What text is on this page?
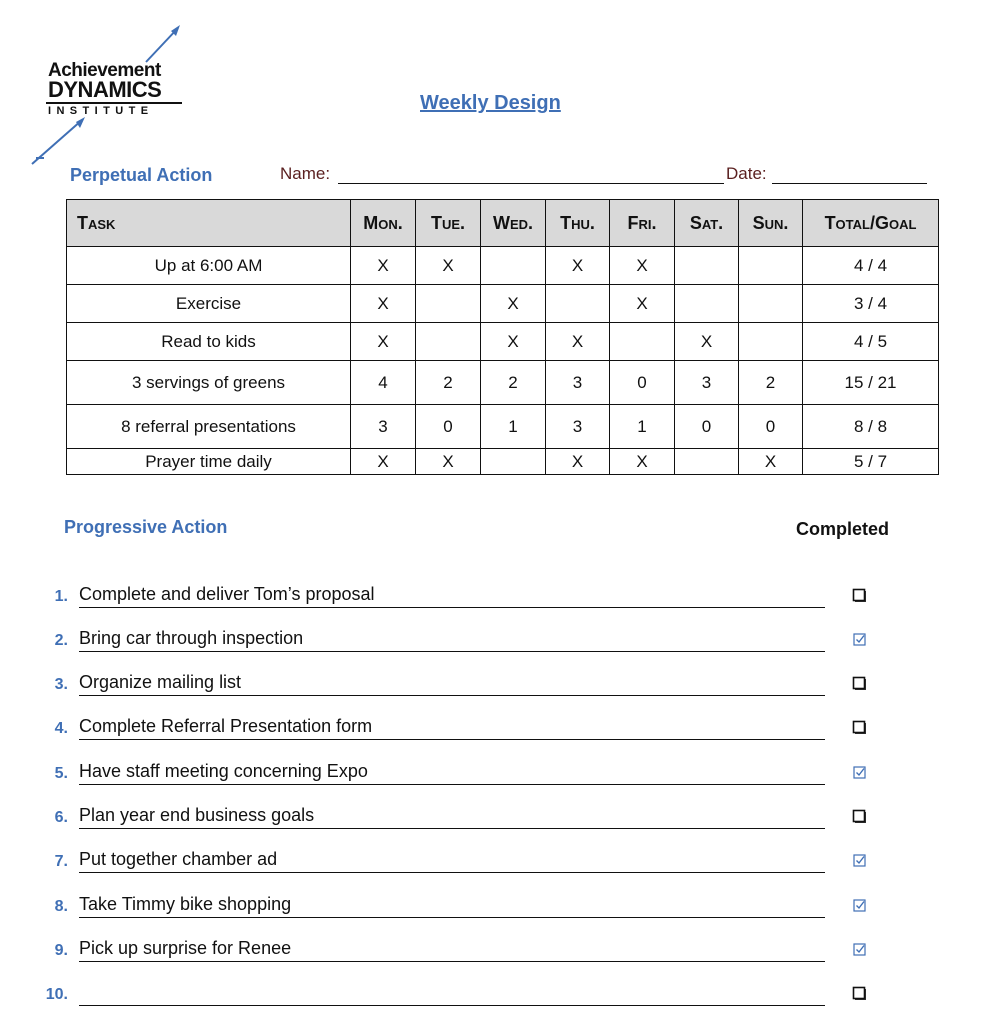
Achievement
DYNAMICS
INSTITUTE	Weekly Design
Perpetual Action	Name:	Date:
Task	Mon.	Tue.	Wed.	Thu.	Fri.	Sat.	Sun.	Total/Goal
Up at 6:00 AM	X	X		X	X			4 / 4
Exercise	X		X		X			3 / 4
Read to kids	X		X	X		X		4 / 5
3 servings of greens	4	2	2	3	0	3	2	15 / 21
8 referral presentations	3	0	1	3	1	0	0	8 / 8
Prayer time daily	X	X		X	X		X	5 / 7
Progressive Action	Completed
1. Complete and deliver Tom’s proposal
2. Bring car through inspection
3. Organize mailing list
4. Complete Referral Presentation form
5. Have staff meeting concerning Expo
6. Plan year end business goals
7. Put together chamber ad
8. Take Timmy bike shopping
9. Pick up surprise for Renee
10.
